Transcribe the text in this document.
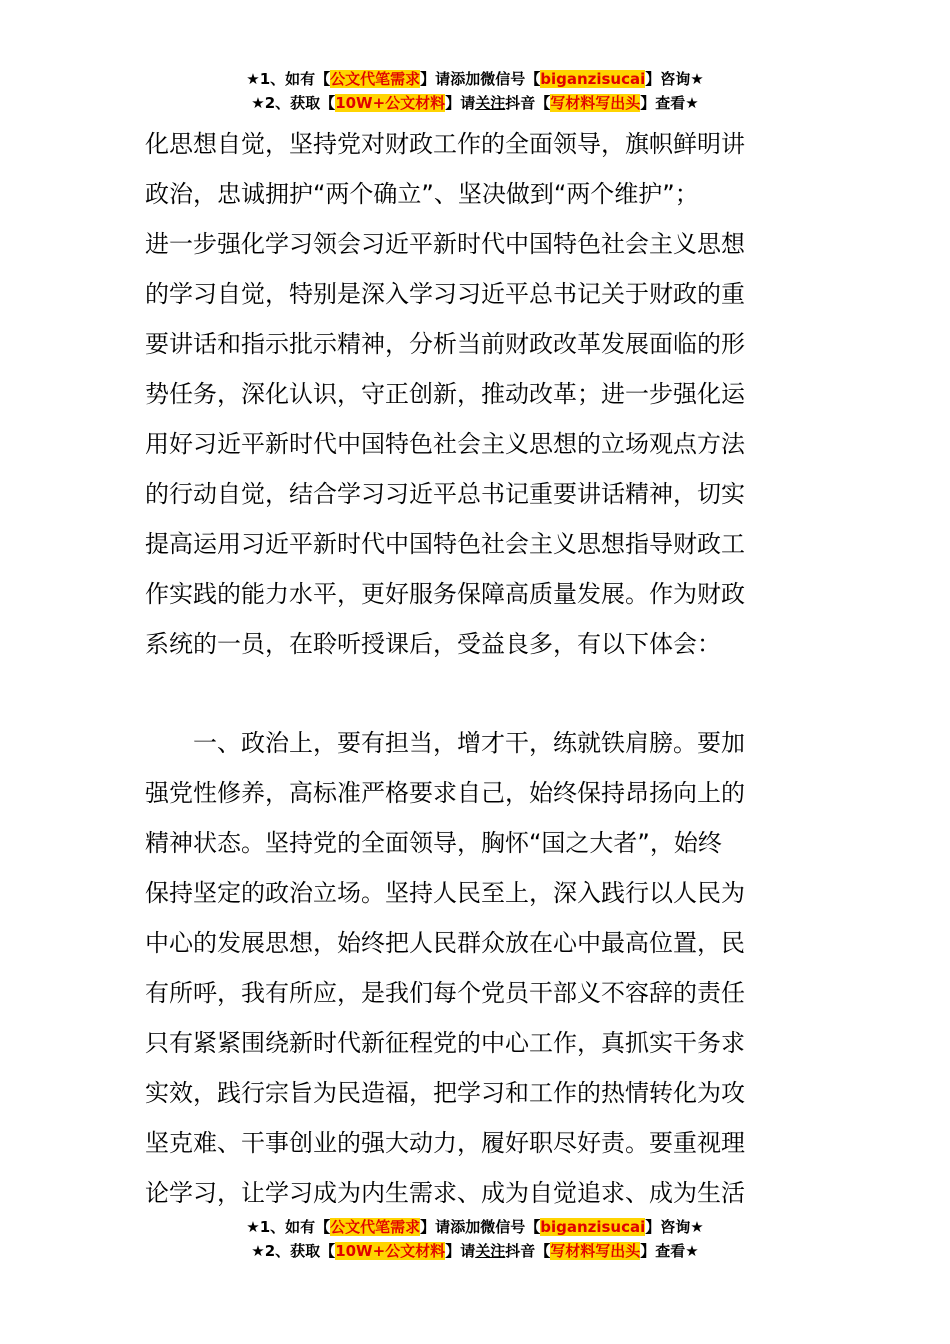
★1、如有【公文代笔需求】请添加微信号【biganzisucai】咨询★
★2、获取【10W+公文材料】请关注抖音【写材料写出头】查看★
化思想自觉，坚持党对财政工作的全面领导，旗帜鲜明讲
政治，忠诚拥护“两个确立”、坚决做到“两个维护”；
进一步强化学习领会习近平新时代中国特色社会主义思想
的学习自觉，特别是深入学习习近平总书记关于财政的重
要讲话和指示批示精神，分析当前财政改革发展面临的形
势任务，深化认识，守正创新，推动改革；进一步强化运
用好习近平新时代中国特色社会主义思想的立场观点方法
的行动自觉，结合学习习近平总书记重要讲话精神，切实
提高运用习近平新时代中国特色社会主义思想指导财政工
作实践的能力水平，更好服务保障高质量发展。作为财政
系统的一员，在聆听授课后，受益良多，有以下体会：
　　一、政治上，要有担当，增才干，练就铁肩膀。要加
强党性修养，高标准严格要求自己，始终保持昂扬向上的
精神状态。坚持党的全面领导，胸怀“国之大者”，始终
保持坚定的政治立场。坚持人民至上，深入践行以人民为
中心的发展思想，始终把人民群众放在心中最高位置，民
有所呼，我有所应，是我们每个党员干部义不容辞的责任
只有紧紧围绕新时代新征程党的中心工作，真抓实干务求
实效，践行宗旨为民造福，把学习和工作的热情转化为攻
坚克难、干事创业的强大动力，履好职尽好责。要重视理
论学习，让学习成为内生需求、成为自觉追求、成为生活
★1、如有【公文代笔需求】请添加微信号【biganzisucai】咨询★
★2、获取【10W+公文材料】请关注抖音【写材料写出头】查看★
